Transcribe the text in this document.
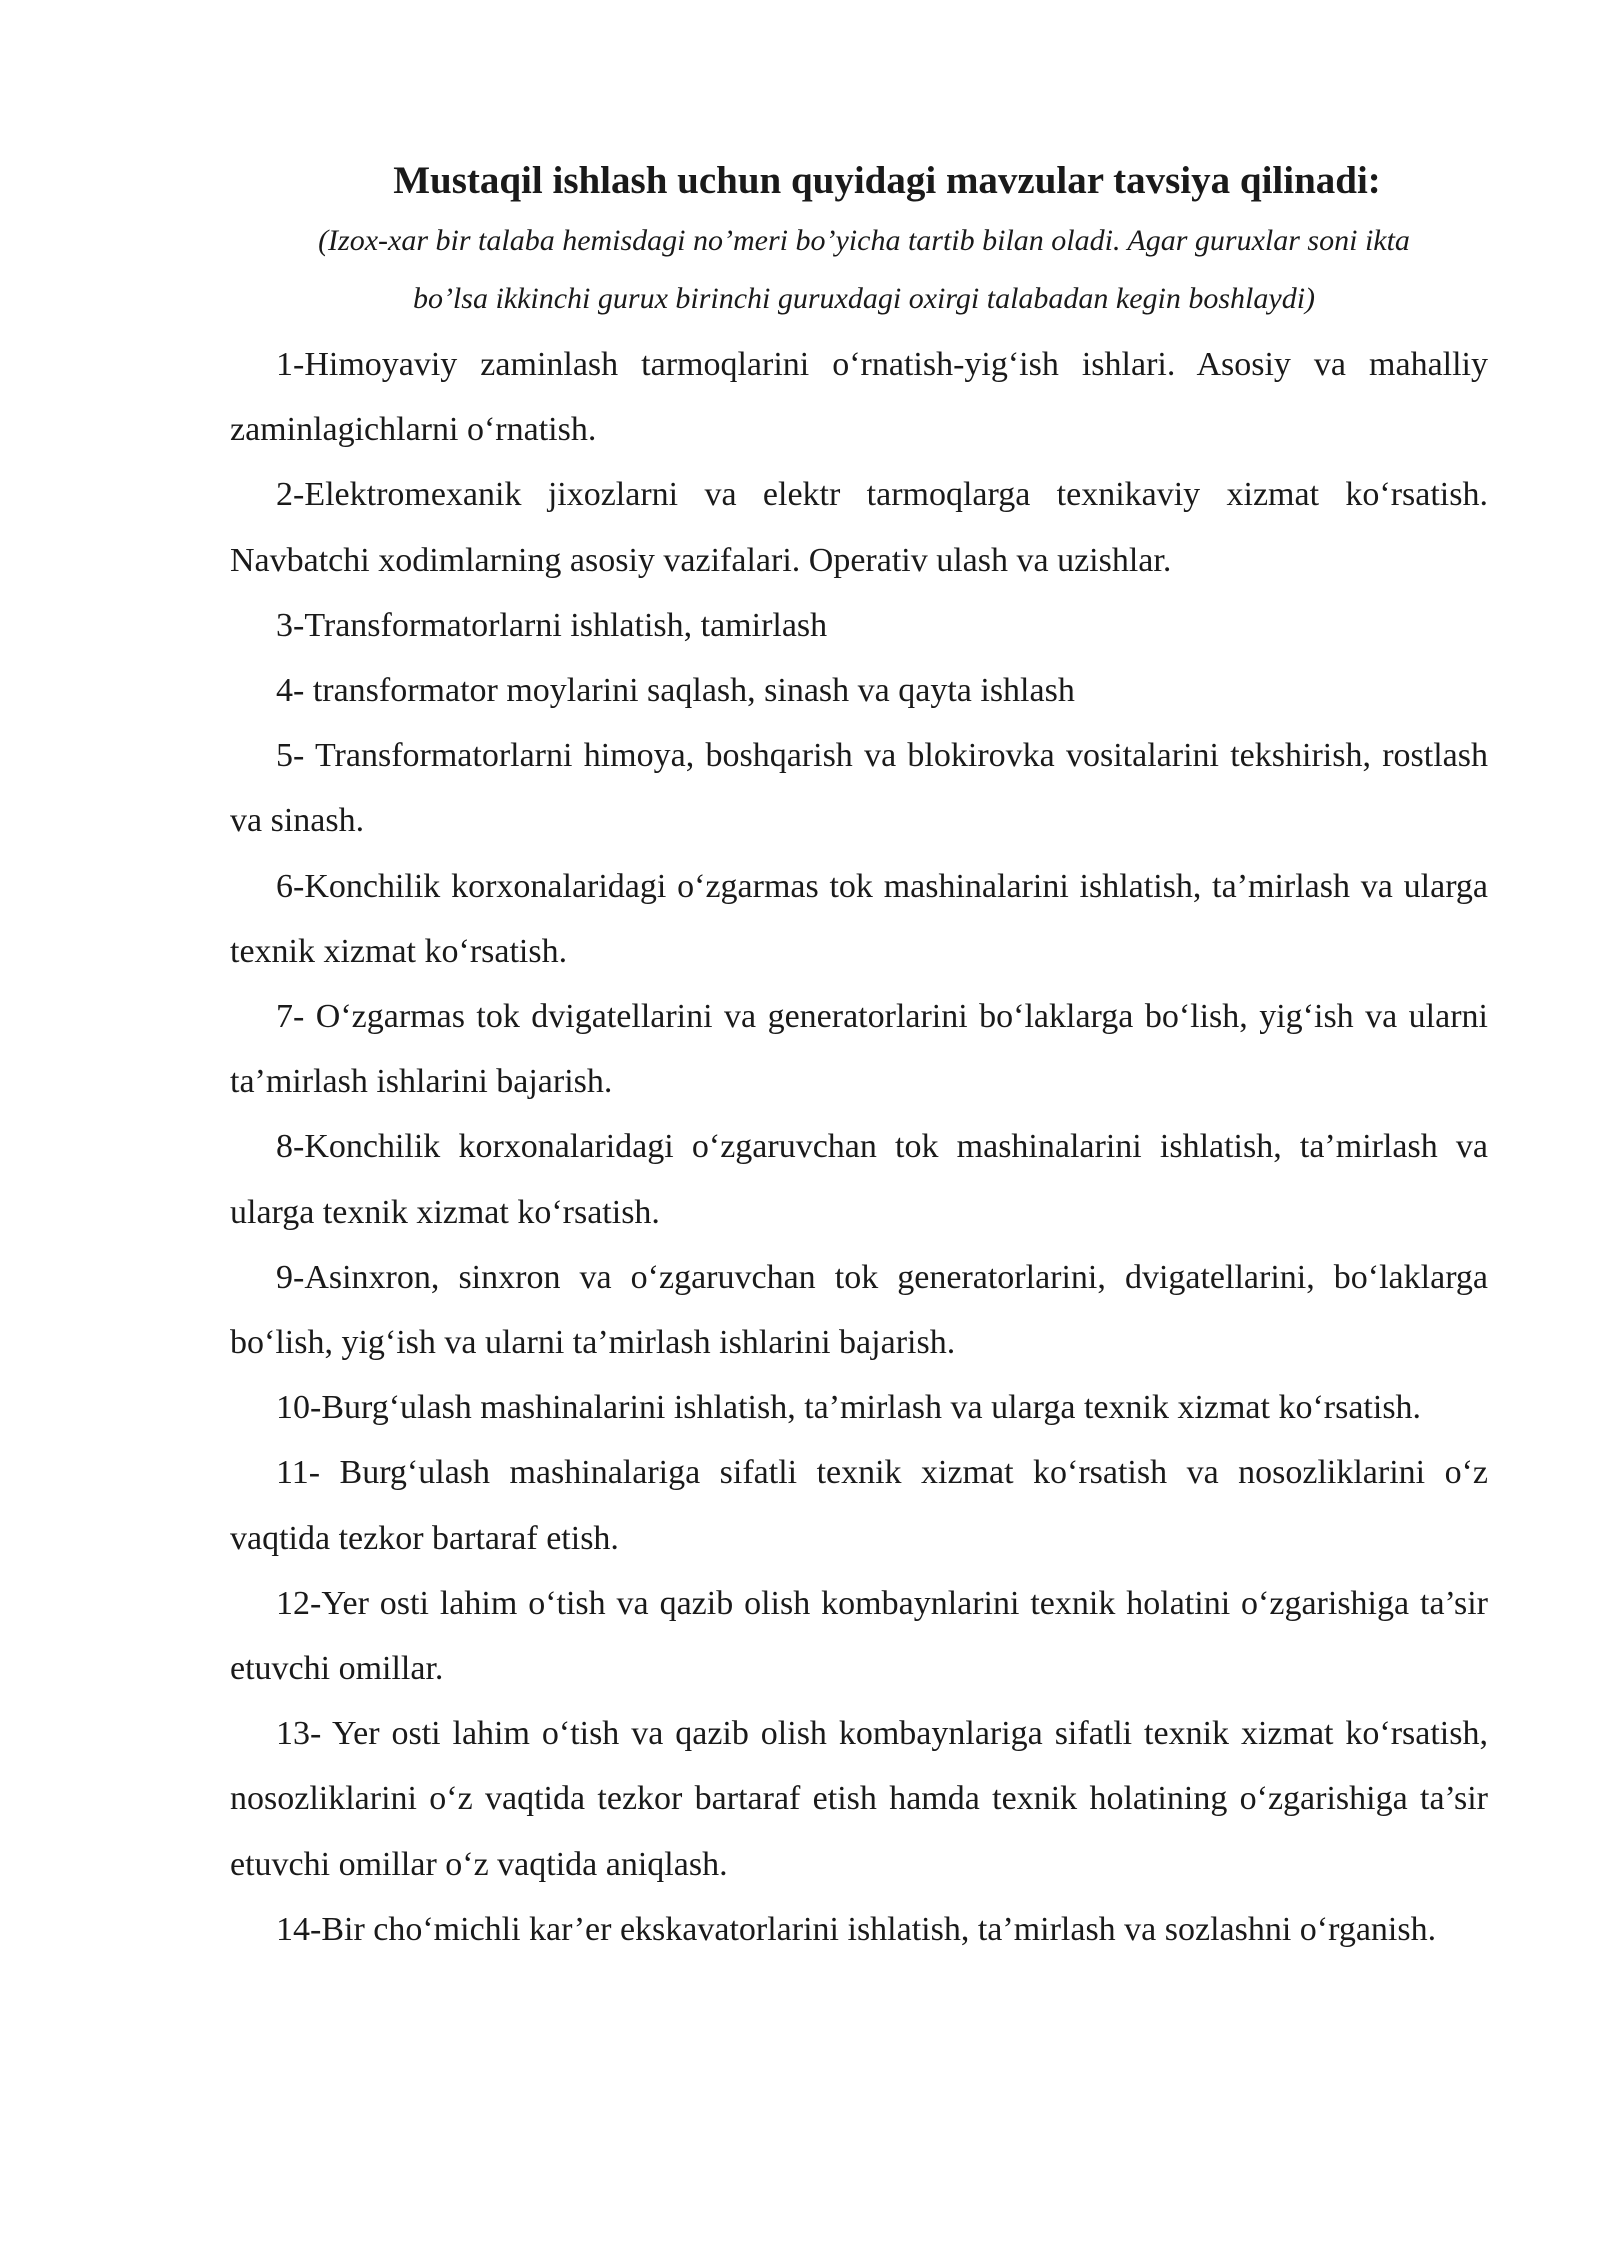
Mustaqil ishlash uchun quyidagi mavzular tavsiya qilinadi:

(Izox-xar bir talaba hemisdagi no’meri bo’yicha tartib bilan oladi. Agar guruxlar soni ikta
bo’lsa ikkinchi gurux birinchi guruxdagi oxirgi talabadan kegin boshlaydi)

1-Himoyaviy zaminlash tarmoqlarini o‘rnatish-yig‘ish ishlari. Asosiy va mahalliy zaminlagichlarni o‘rnatish.
2-Elektromexanik jixozlarni va elektr tarmoqlarga texnikaviy xizmat ko‘rsatish. Navbatchi xodimlarning asosiy vazifalari. Operativ ulash va uzishlar.
3-Transformatorlarni ishlatish, tamirlash
4- transformator moylarini saqlash, sinash va qayta ishlash
5- Transformatorlarni himoya, boshqarish va blokirovka vositalarini tekshirish, rostlash va sinash.
6-Konchilik korxonalaridagi o‘zgarmas tok mashinalarini ishlatish, ta’mirlash va ularga texnik xizmat ko‘rsatish.
7- O‘zgarmas tok dvigatellarini va generatorlarini bo‘laklarga bo‘lish, yig‘ish va ularni ta’mirlash ishlarini bajarish.
8-Konchilik korxonalaridagi o‘zgaruvchan tok mashinalarini ishlatish, ta’mirlash va ularga texnik xizmat ko‘rsatish.
9-Asinxron, sinxron va o‘zgaruvchan tok generatorlarini, dvigatellarini, bo‘laklarga bo‘lish, yig‘ish va ularni ta’mirlash ishlarini bajarish.
10-Burg‘ulash mashinalarini ishlatish, ta’mirlash va ularga texnik xizmat ko‘rsatish.
11- Burg‘ulash mashinalariga sifatli texnik xizmat ko‘rsatish va nosozliklarini o‘z vaqtida tezkor bartaraf etish.
12-Yer osti lahim o‘tish va qazib olish kombaynlarini texnik holatini o‘zgarishiga ta’sir etuvchi omillar.
13- Yer osti lahim o‘tish va qazib olish kombaynlariga sifatli texnik xizmat ko‘rsatish, nosozliklarini o‘z vaqtida tezkor bartaraf etish hamda texnik holatining o‘zgarishiga ta’sir etuvchi omillar o‘z vaqtida aniqlash.
14-Bir cho‘michli kar’er ekskavatorlarini ishlatish, ta’mirlash va sozlashni o‘rganish.
